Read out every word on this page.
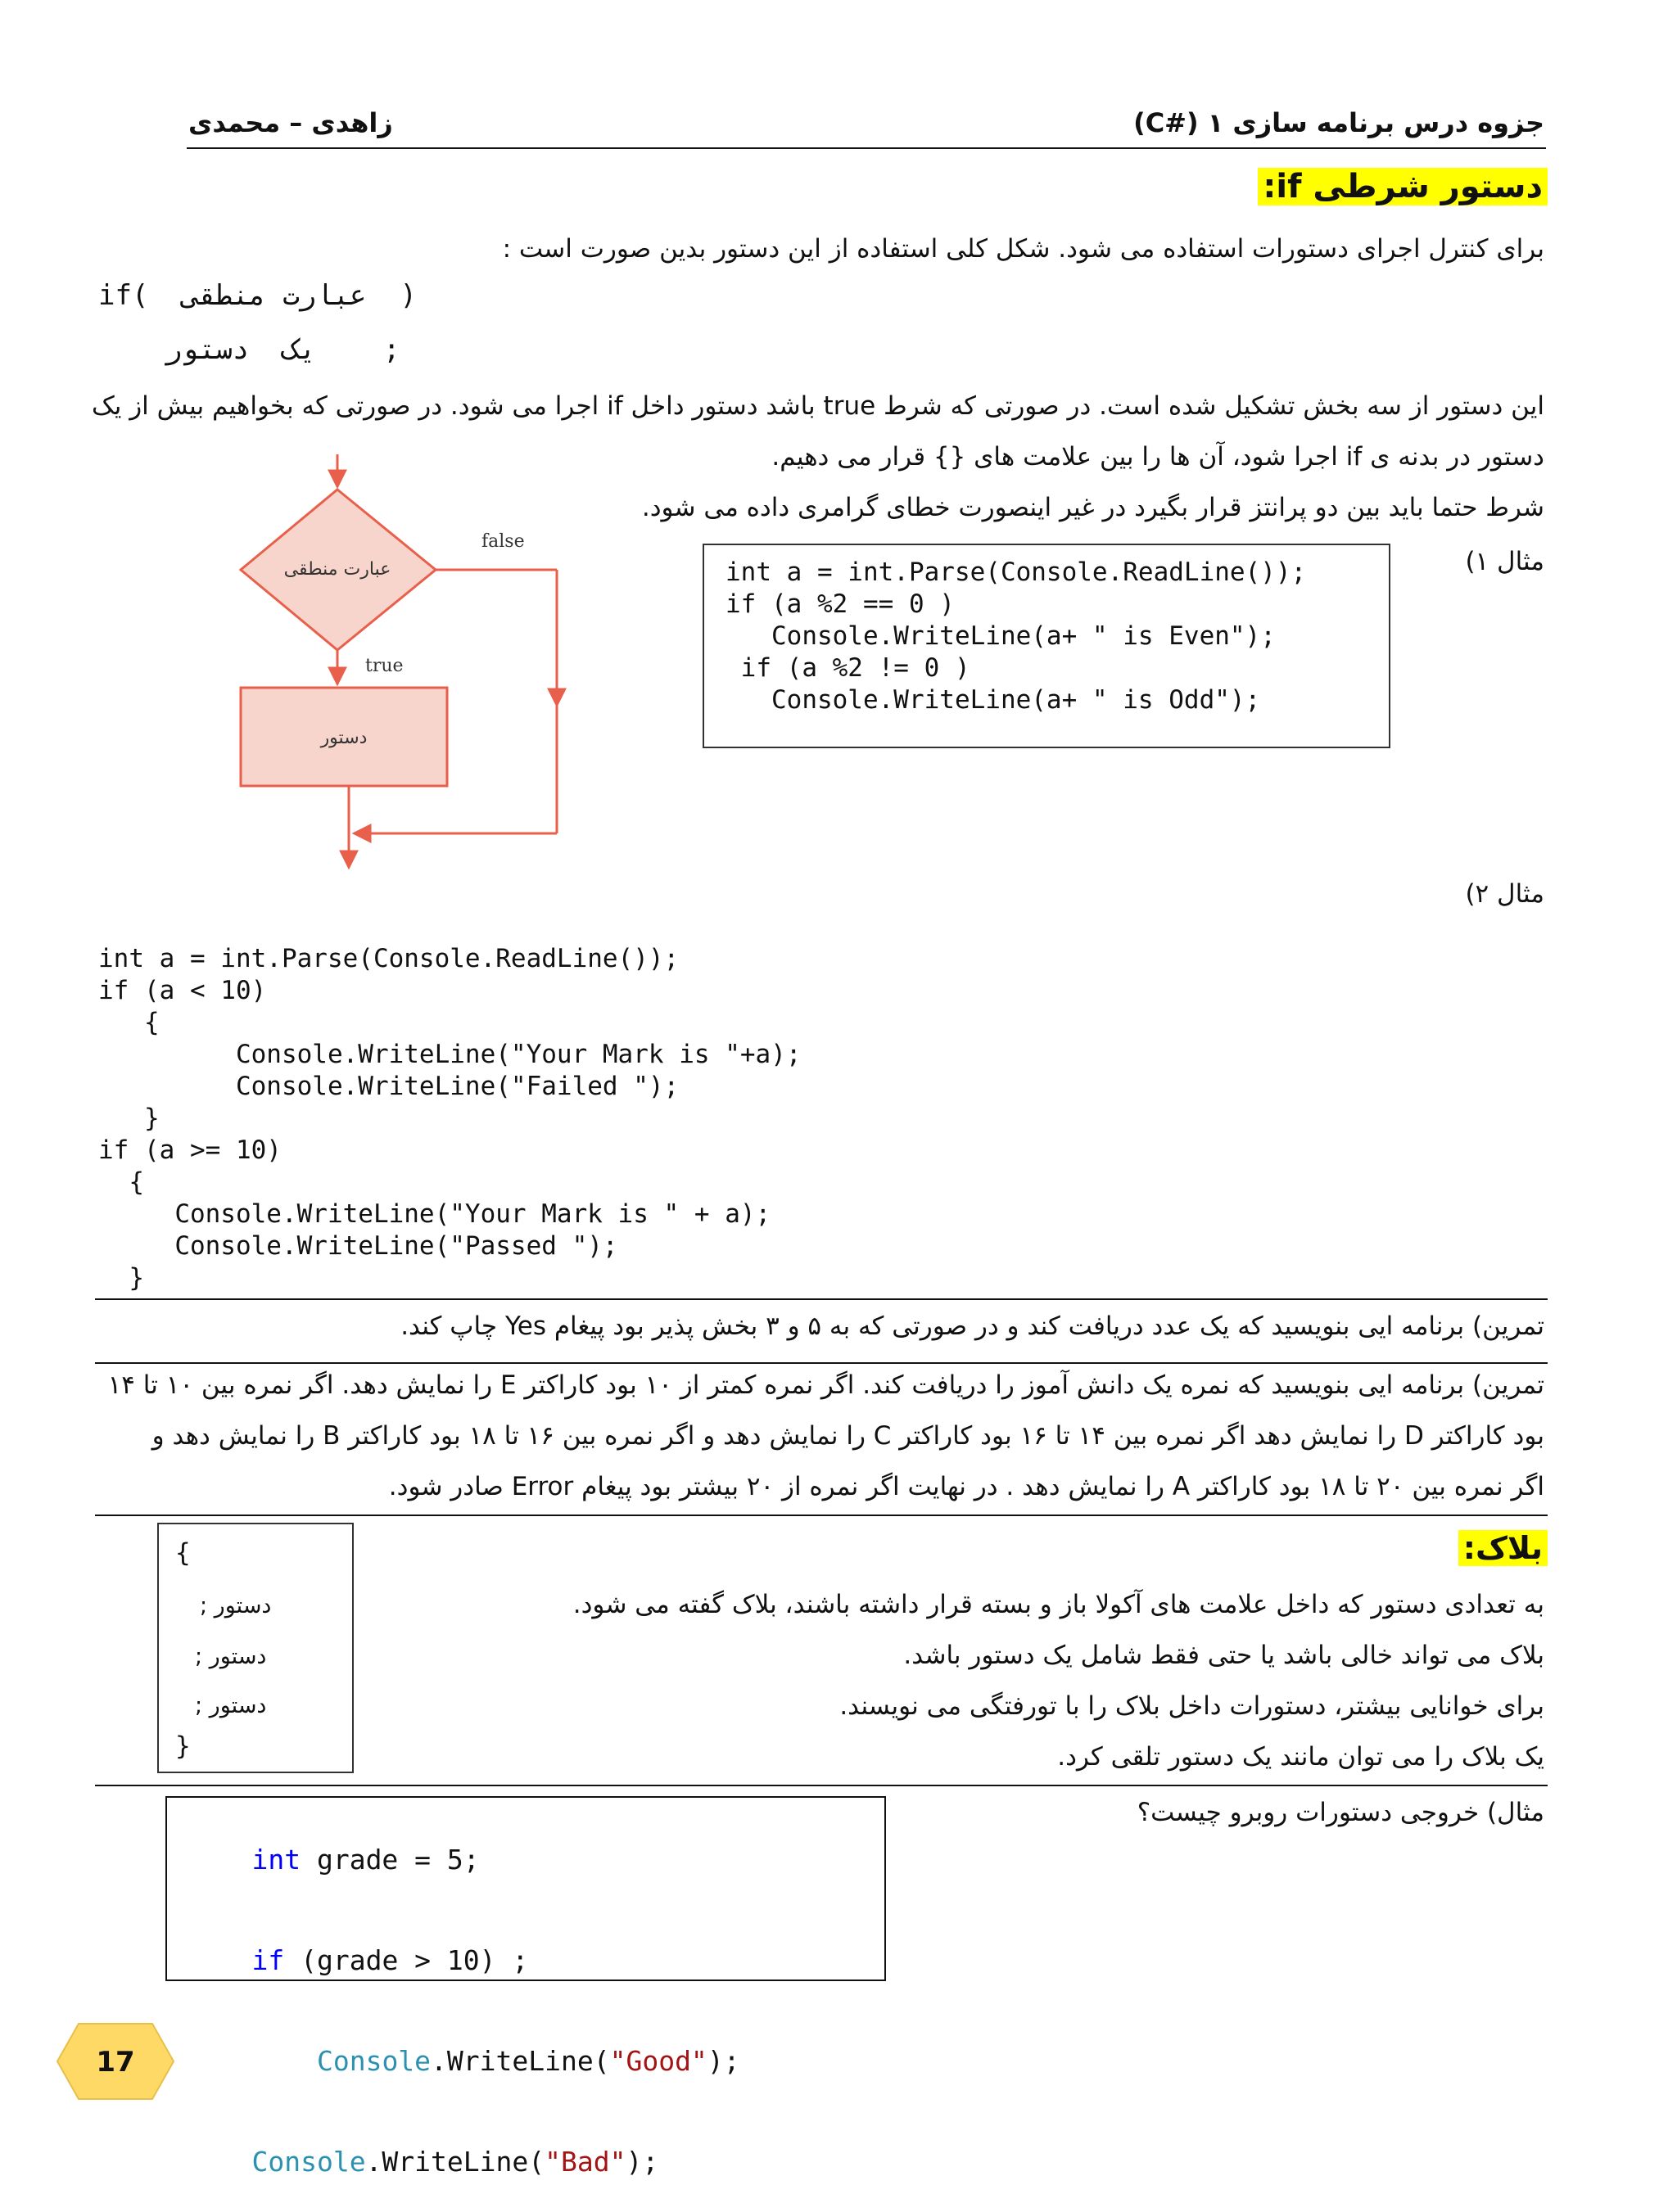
جزوه درس برنامه سازی ۱ (#C)
زاهدی – محمدی
دستور شرطی if:
برای کنترل اجرای دستورات استفاده می شود. شکل کلی استفاده از این دستور بدین صورت است :
if(  عبارت منطقی  )
یک  دستور    ;
این دستور از سه بخش تشکیل شده است. در صورتی که شرط true باشد دستور داخل if اجرا می شود. در صورتی که بخواهیم بیش از یک
دستور در بدنه ی if اجرا شود، آن ها را بین علامت های {} قرار می دهیم.
شرط حتما باید بین دو پرانتز قرار بگیرد در غیر اینصورت خطای گرامری داده می شود.
مثال ۱)
عبارت منطقی
false
true
دستور
int a = int.Parse(Console.ReadLine());
if (a %2 == 0 )
Console.WriteLine(a+ " is Even");
if (a %2 != 0 )
Console.WriteLine(a+ " is Odd");
مثال ۲)
int a = int.Parse(Console.ReadLine());
if (a < 10)
{
Console.WriteLine("Your Mark is "+a);
Console.WriteLine("Failed ");
}
if (a >= 10)
{
Console.WriteLine("Your Mark is " + a);
Console.WriteLine("Passed ");
}
تمرین) برنامه ایی بنویسید که یک عدد دریافت کند و در صورتی که به ۵ و ۳ بخش پذیر بود پیغام Yes چاپ کند.
تمرین) برنامه ایی بنویسید که نمره یک دانش آموز را دریافت کند. اگر نمره کمتر از ۱۰ بود کاراکتر E را نمایش دهد. اگر نمره بین ۱۰ تا ۱۴
بود کاراکتر D را نمایش دهد اگر نمره بین ۱۴ تا ۱۶ بود کاراکتر C را نمایش دهد و اگر نمره بین ۱۶ تا ۱۸ بود کاراکتر B را نمایش دهد و
اگر نمره بین ۲۰ تا ۱۸ بود کاراکتر A را نمایش دهد . در نهایت اگر نمره از ۲۰ بیشتر بود پیغام Error صادر شود.
بلاک:
به تعدادی دستور که داخل علامت های آکولا باز و بسته قرار داشته باشند، بلاک گفته می شود.
بلاک می تواند خالی باشد یا حتی فقط شامل یک دستور باشد.
برای خوانایی بیشتر، دستورات داخل بلاک را با تورفتگی می نویسند.
یک بلاک را می توان مانند یک دستور تلقی کرد.
{
دستور ;
دستور ;
دستور ;
}
مثال) خروجی دستورات روبرو چیست؟

int grade = 5;

if (grade > 10) ;

Console.WriteLine("Good");

Console.WriteLine("Bad");

17
